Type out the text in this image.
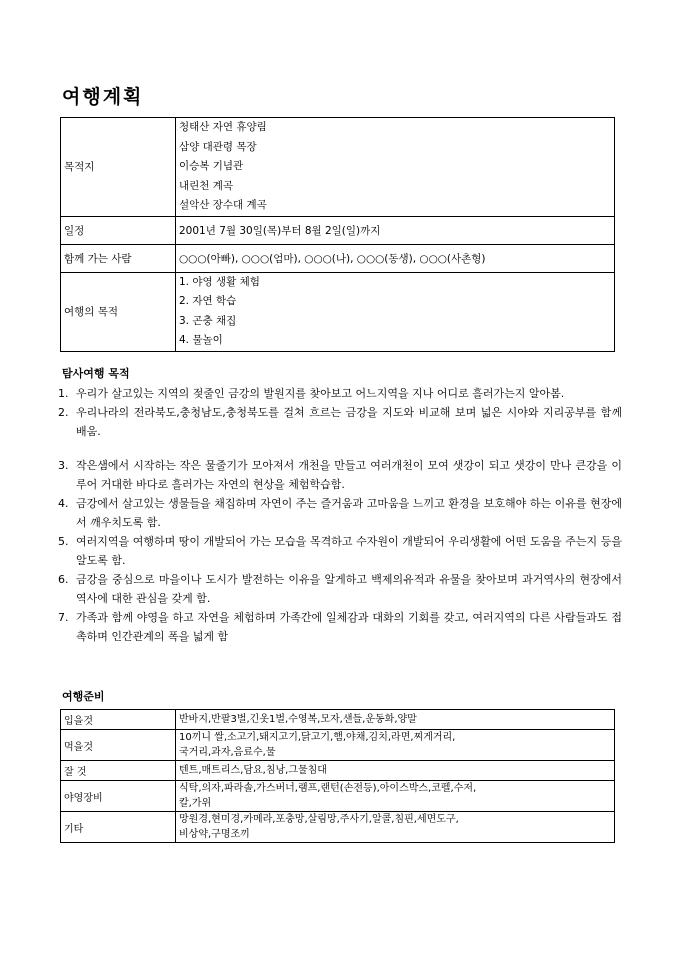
여행계획
목적지	청태산 자연 휴양림
삼양 대관령 목장
이승복 기념관
내린천 계곡
설악산 장수대 계곡

일정	2001년 7월 30일(목)부터 8월 2일(일)까지
함께 가는 사람	○○○(아빠), ○○○(엄마), ○○○(나), ○○○(동생), ○○○(사촌형)
여행의 목적	1. 야영 생활 체험
2. 자연 학습
3. 곤충 채집
4. 물놀이
탐사여행 목적
1. 우리가 살고있는 지역의 젖줄인 금강의 발원지를 찾아보고 어느지역을 지나 어디로 흘러가는지 알아봄.
2. 우리나라의 전라북도,충청남도,충청북도를 걸쳐 흐르는 금강을 지도와 비교해 보며 넓은 시야와 지리공부를 함께 배움.
3. 작은샘에서 시작하는 작은 물줄기가 모아져서 개천을 만들고 여러개천이 모여 샛강이 되고 샛강이 만나 큰강을 이루어 거대한 바다로 흘러가는 자연의 현상을 체험학습함.
4. 금강에서 살고있는 생물들을 채집하며 자연이 주는 즐거움과 고마움을 느끼고 환경을 보호해야 하는 이유를 현장에서 깨우치도록 함.
5. 여러지역을 여행하며 땅이 개발되어 가는 모습을 목격하고 수자원이 개발되어 우리생활에 어떤 도움을 주는지 등을 알도록 함.
6. 금강을 중심으로 마을이나 도시가 발전하는 이유을 알게하고 백제의유적과 유물을 찾아보며 과거역사의 현장에서 역사에 대한 관심을 갖게 함.
7. 가족과 함께 야영을 하고 자연을 체험하며 가족간에 일체감과 대화의 기회를 갖고, 여러지역의 다른 사람들과도 접촉하며 인간관계의 폭을 넓게 함
여행준비
입을것	반바지,반팔3벌,긴옷1벌,수영복,모자,샌들,운동화,양말

먹을것	10끼니 쌀,소고기,돼지고기,닭고기,햄,야채,김치,라면,찌게거리,
국거리,과자,음료수,물

잘 것	텐트,매트리스,담요,침낭,그물침대

야영장비	식탁,의자,파라솔,가스버너,램프,랜턴(손전등),아이스박스,코펠,수저,
칼,가위

기타	망원경,현미경,카메라,포충망,살림망,주사기,알콜,침핀,세면도구,
비상약,구명조끼
